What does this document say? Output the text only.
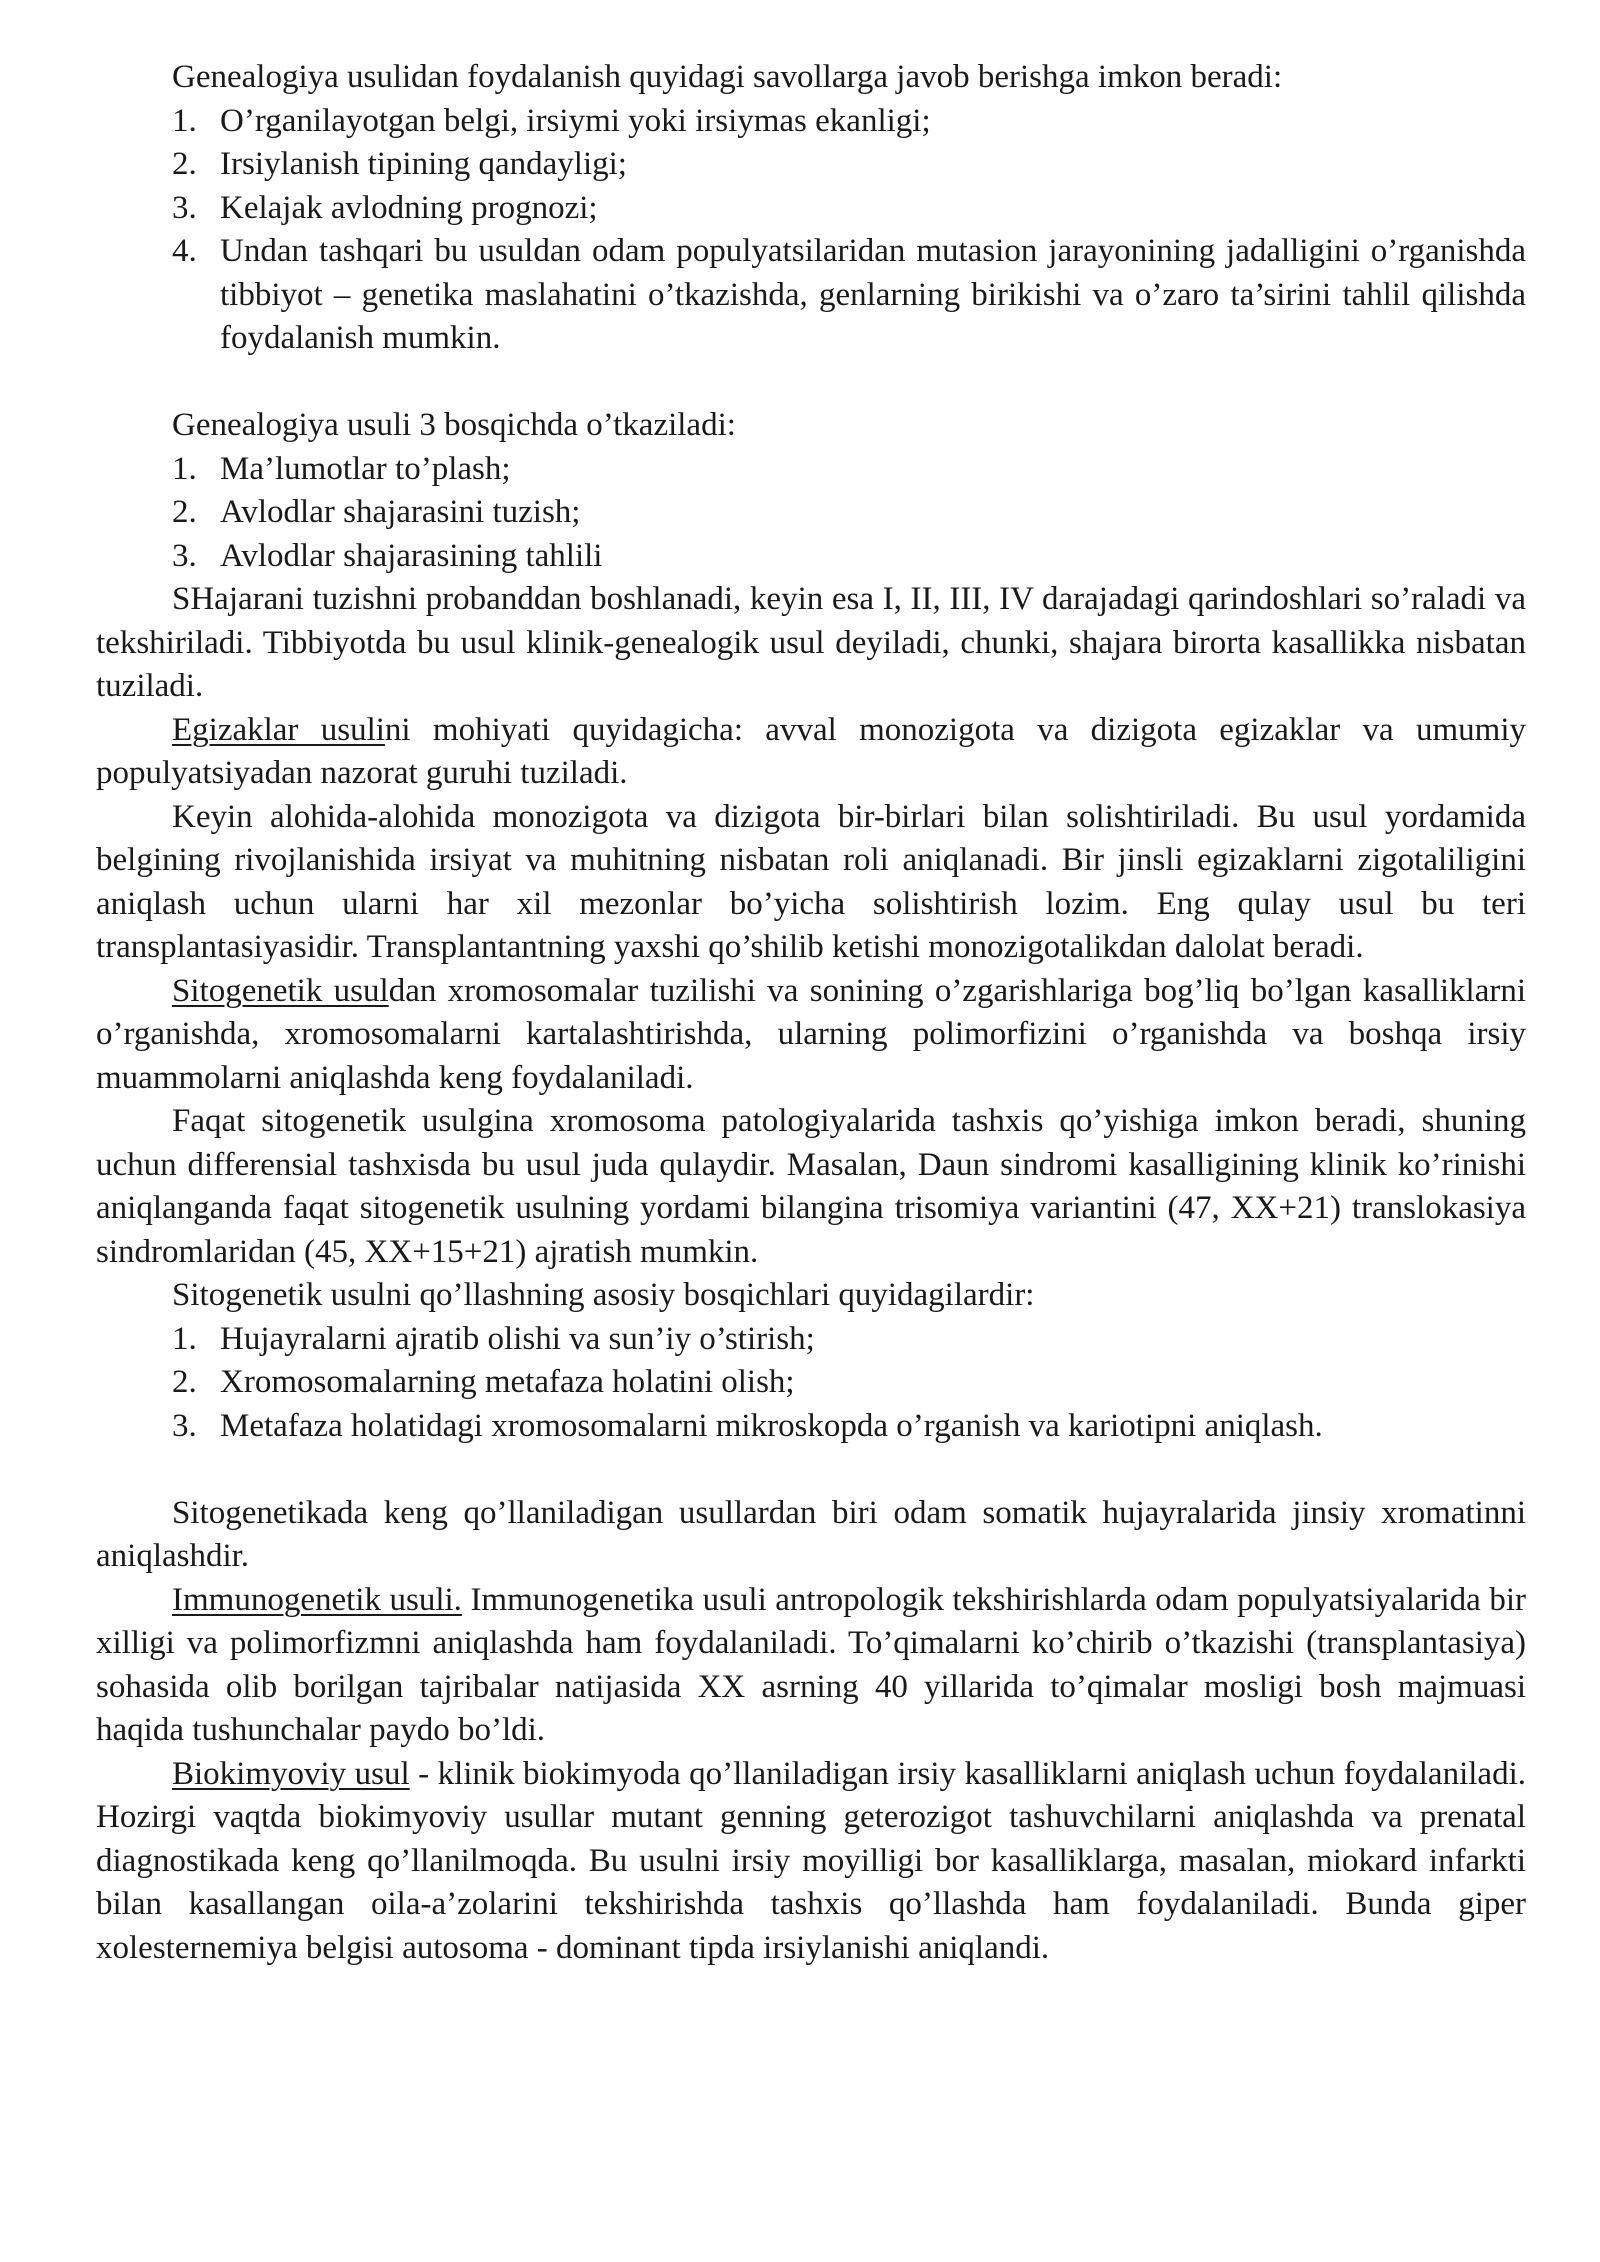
Genealogiya usulidan foydalanish quyidagi savollarga javob berishga imkon beradi:

1. O’rganilayotgan belgi, irsiymi yoki irsiymas ekanligi;
2. Irsiylanish tipining qandayligi;
3. Kelajak avlodning prognozi;
4. Undan tashqari bu usuldan odam populyatsilaridan mutasion jarayonining jadalligini o’rganishda tibbiyot – genetika maslahatini o’tkazishda, genlarning birikishi va o’zaro ta’sirini tahlil qilishda foydalanish mumkin.

Genealogiya usuli 3 bosqichda o’tkaziladi:

1. Ma’lumotlar to’plash;
2. Avlodlar shajarasini tuzish;
3. Avlodlar shajarasining tahlili

SHajarani tuzishni probanddan boshlanadi, keyin esa I, II, III, IV darajadagi qarindoshlari so’raladi va tekshiriladi. Tibbiyotda bu usul klinik-genealogik usul deyiladi, chunki, shajara birorta kasallikka nisbatan tuziladi.

Egizaklar usulini mohiyati quyidagicha: avval monozigota va dizigota egizaklar va umumiy populyatsiyadan nazorat guruhi tuziladi.

Keyin alohida-alohida monozigota va dizigota bir-birlari bilan solishtiriladi. Bu usul yordamida belgining rivojlanishida irsiyat va muhitning nisbatan roli aniqlanadi. Bir jinsli egizaklarni zigotaliligini aniqlash uchun ularni har xil mezonlar bo’yicha solishtirish lozim. Eng qulay usul bu teri transplantasiyasidir. Transplantantning yaxshi qo’shilib ketishi monozigotalikdan dalolat beradi.

Sitogenetik usuldan xromosomalar tuzilishi va sonining o’zgarishlariga bog’liq bo’lgan kasalliklarni o’rganishda, xromosomalarni kartalashtirishda, ularning polimorfizini o’rganishda va boshqa irsiy muammolarni aniqlashda keng foydalaniladi.

Faqat sitogenetik usulgina xromosoma patologiyalarida tashxis qo’yishiga imkon beradi, shuning uchun differensial tashxisda bu usul juda qulaydir. Masalan, Daun sindromi kasalligining klinik ko’rinishi aniqlanganda faqat sitogenetik usulning yordami bilangina trisomiya variantini (47, XX+21) translokasiya sindromlaridan (45, XX+15+21) ajratish mumkin.

Sitogenetik usulni qo’llashning asosiy bosqichlari quyidagilardir:

1. Hujayralarni ajratib olishi va sun’iy o’stirish;
2. Xromosomalarning metafaza holatini olish;
3. Metafaza holatidagi xromosomalarni mikroskopda o’rganish va kariotipni aniqlash.

Sitogenetikada keng qo’llaniladigan usullardan biri odam somatik hujayralarida jinsiy xromatinni aniqlashdir.

Immunogenetik usuli. Immunogenetika usuli antropologik tekshirishlarda odam populyatsiyalarida bir xilligi va polimorfizmni aniqlashda ham foydalaniladi. To’qimalarni ko’chirib o’tkazishi (transplantasiya) sohasida olib borilgan tajribalar natijasida XX asrning 40 yillarida to’qimalar mosligi bosh majmuasi haqida tushunchalar paydo bo’ldi.

Biokimyoviy usul - klinik biokimyoda qo’llaniladigan irsiy kasalliklarni aniqlash uchun foydalaniladi. Hozirgi vaqtda biokimyoviy usullar mutant genning geterozigot tashuvchilarni aniqlashda va prenatal diagnostikada keng qo’llanilmoqda. Bu usulni irsiy moyilligi bor kasalliklarga, masalan, miokard infarkti bilan kasallangan oila-a’zolarini tekshirishda tashxis qo’llashda ham foydalaniladi. Bunda giper xolesternemiya belgisi autosoma - dominant tipda irsiylanishi aniqlandi.
